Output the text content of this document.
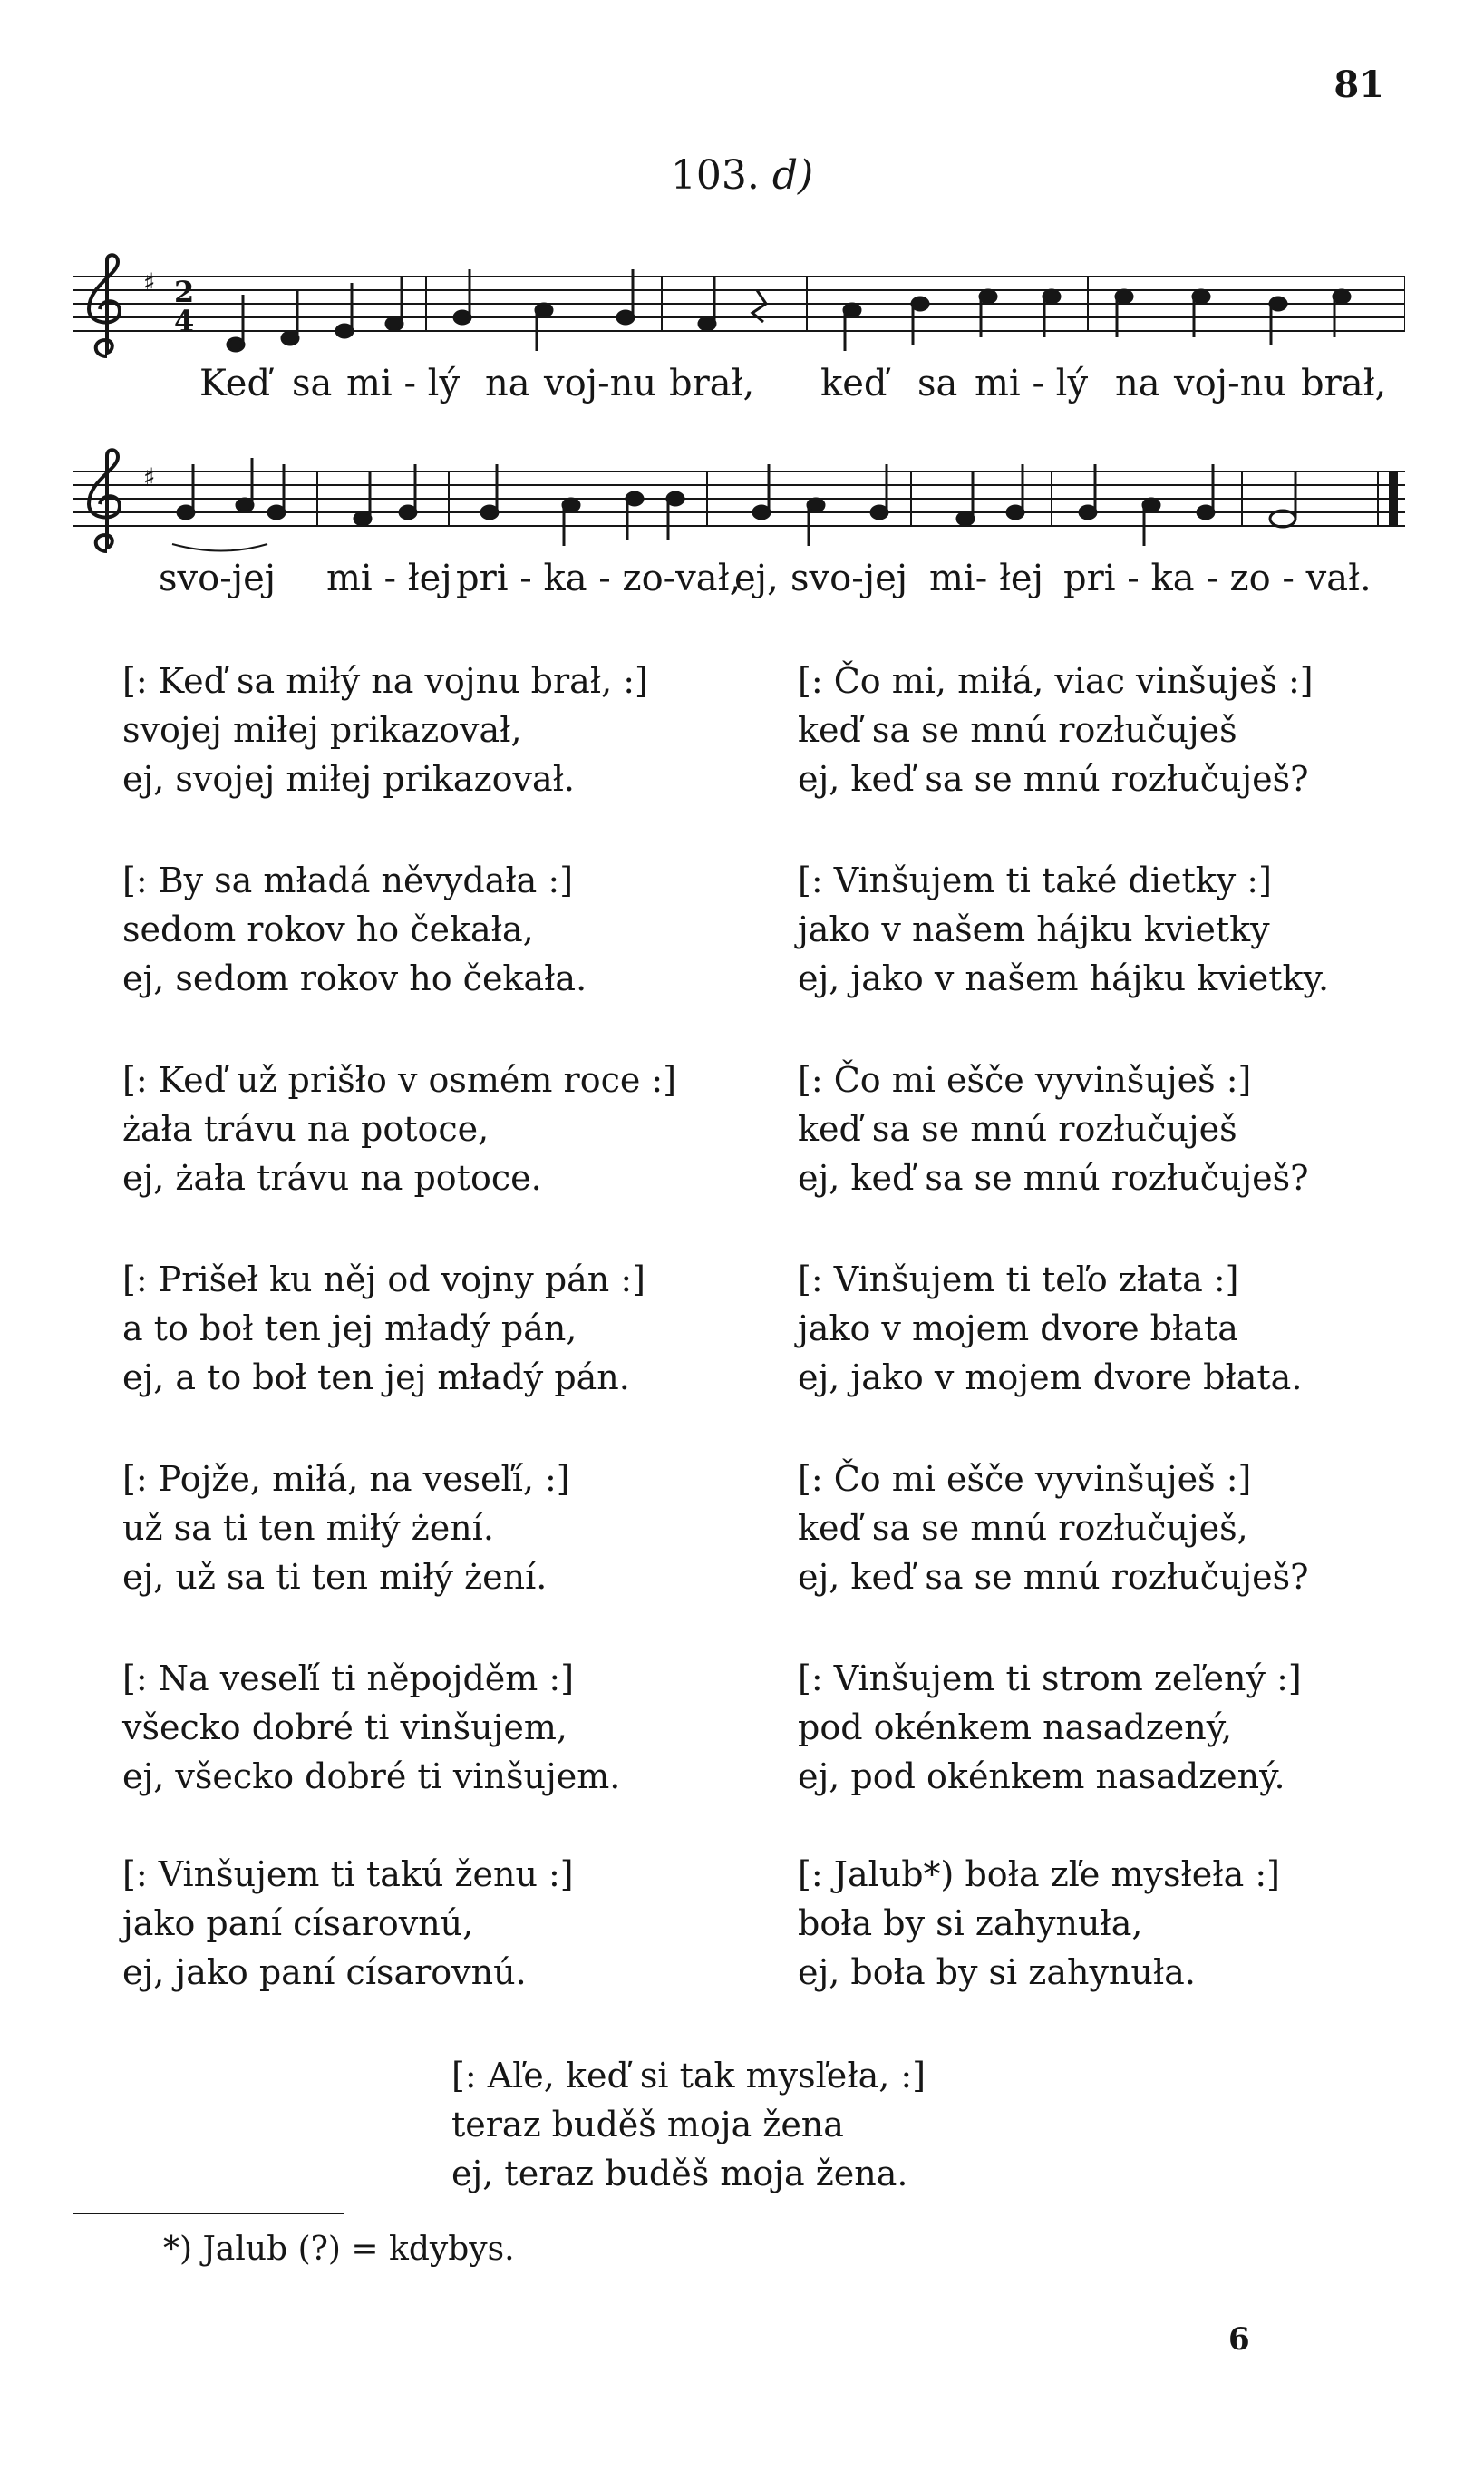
81
103. d)
♯ 2
4
Keď sa mi - lý na voj-nu brał, keď sa mi - lý na voj-nu brał,
♯
svo-jej mi - łej pri - ka - zo-vał,
ej, svo-jej mi- łej pri - ka - zo - vał.
[: Keď sa miłý na vojnu brał, :]
svojej miłej prikazovał,
ej, svojej miłej prikazovał.
[: By sa mładá něvydała :]
sedom rokov ho čekała,
ej, sedom rokov ho čekała.
[: Keď už prišło v osmém roce :]
żała trávu na potoce,
ej, żała trávu na potoce.
[: Prišeł ku něj od vojny pán :]
a to boł ten jej mładý pán,
ej, a to boł ten jej mładý pán.
[: Pojže, miłá, na veseľí, :]
už sa ti ten miłý żení.
ej, už sa ti ten miłý żení.
[: Na veseľí ti něpojděm :]
všecko dobré ti vinšujem,
ej, všecko dobré ti vinšujem.
[: Vinšujem ti takú ženu :]
jako paní císarovnú,
ej, jako paní císarovnú.
[: Čo mi, miłá, viac vinšuješ :]
keď sa se mnú rozłučuješ
ej, keď sa se mnú rozłučuješ?
[: Vinšujem ti také dietky :]
jako v našem hájku kvietky
ej, jako v našem hájku kvietky.
[: Čo mi ešče vyvinšuješ :]
keď sa se mnú rozłučuješ
ej, keď sa se mnú rozłučuješ?
[: Vinšujem ti teľo złata :]
jako v mojem dvore błata
ej, jako v mojem dvore błata.
[: Čo mi ešče vyvinšuješ :]
keď sa se mnú rozłučuješ,
ej, keď sa se mnú rozłučuješ?
[: Vinšujem ti strom zeľený :]
pod okénkem nasadzený,
ej, pod okénkem nasadzený.
[: Jalub*) boła zľe mysłeła :]
boła by si zahynuła,
ej, boła by si zahynuła.
[: Aľe, keď si tak mysľeła, :]
teraz buděš moja žena
ej, teraz buděš moja žena.
*) Jalub (?) = kdybys.
6
